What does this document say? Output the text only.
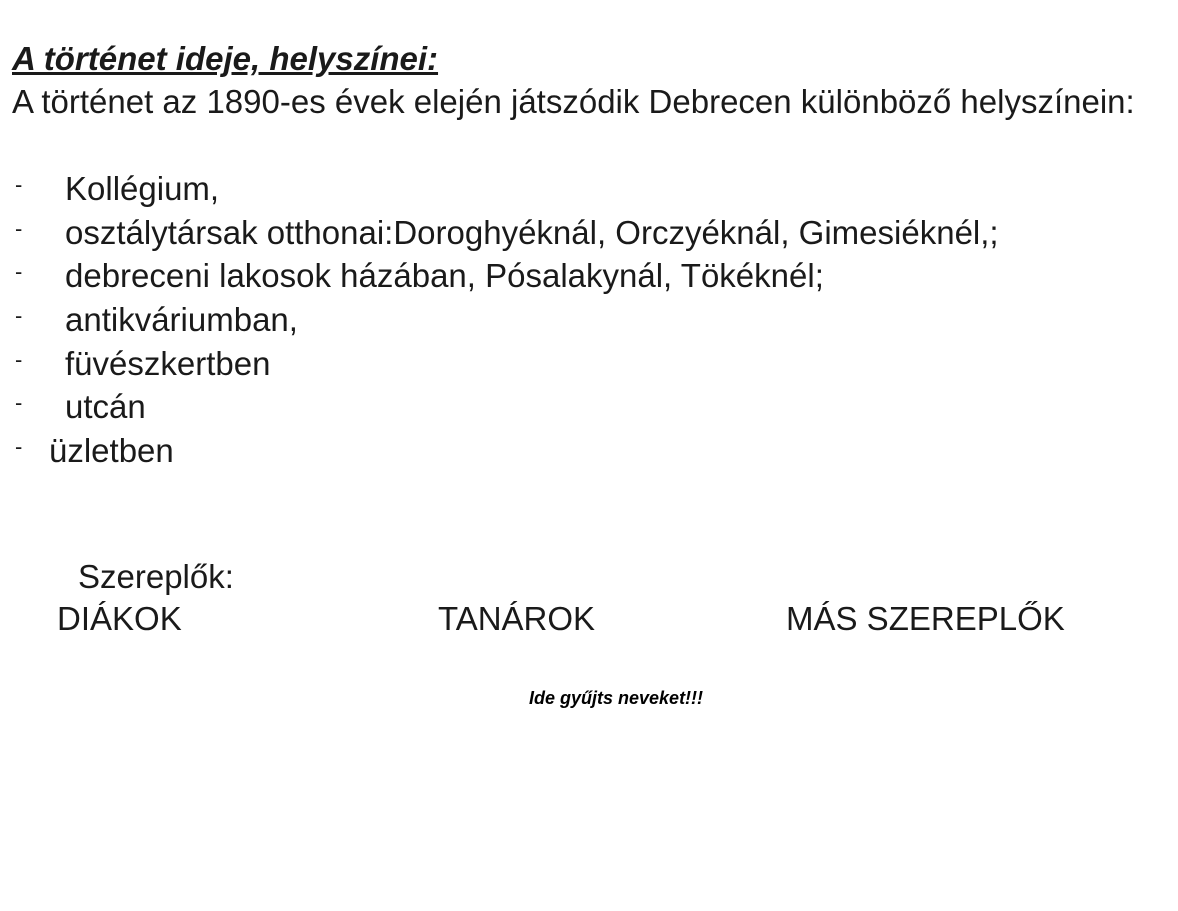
A történet ideje, helyszínei:

A történet az 1890-es évek elején játszódik Debrecen különböző helyszínein:

- Kollégium,
- osztálytársak otthonai:Doroghyéknál, Orczyéknál, Gimesiéknél,;
- debreceni lakosok házában, Pósalakynál, Tökéknél;
- antikváriumban,
- füvészkertben
- utcán
- üzletben
Szereplők:
DIÁKOK	TANÁROK	MÁS SZEREPLŐK
Ide gyűjts neveket!!!
